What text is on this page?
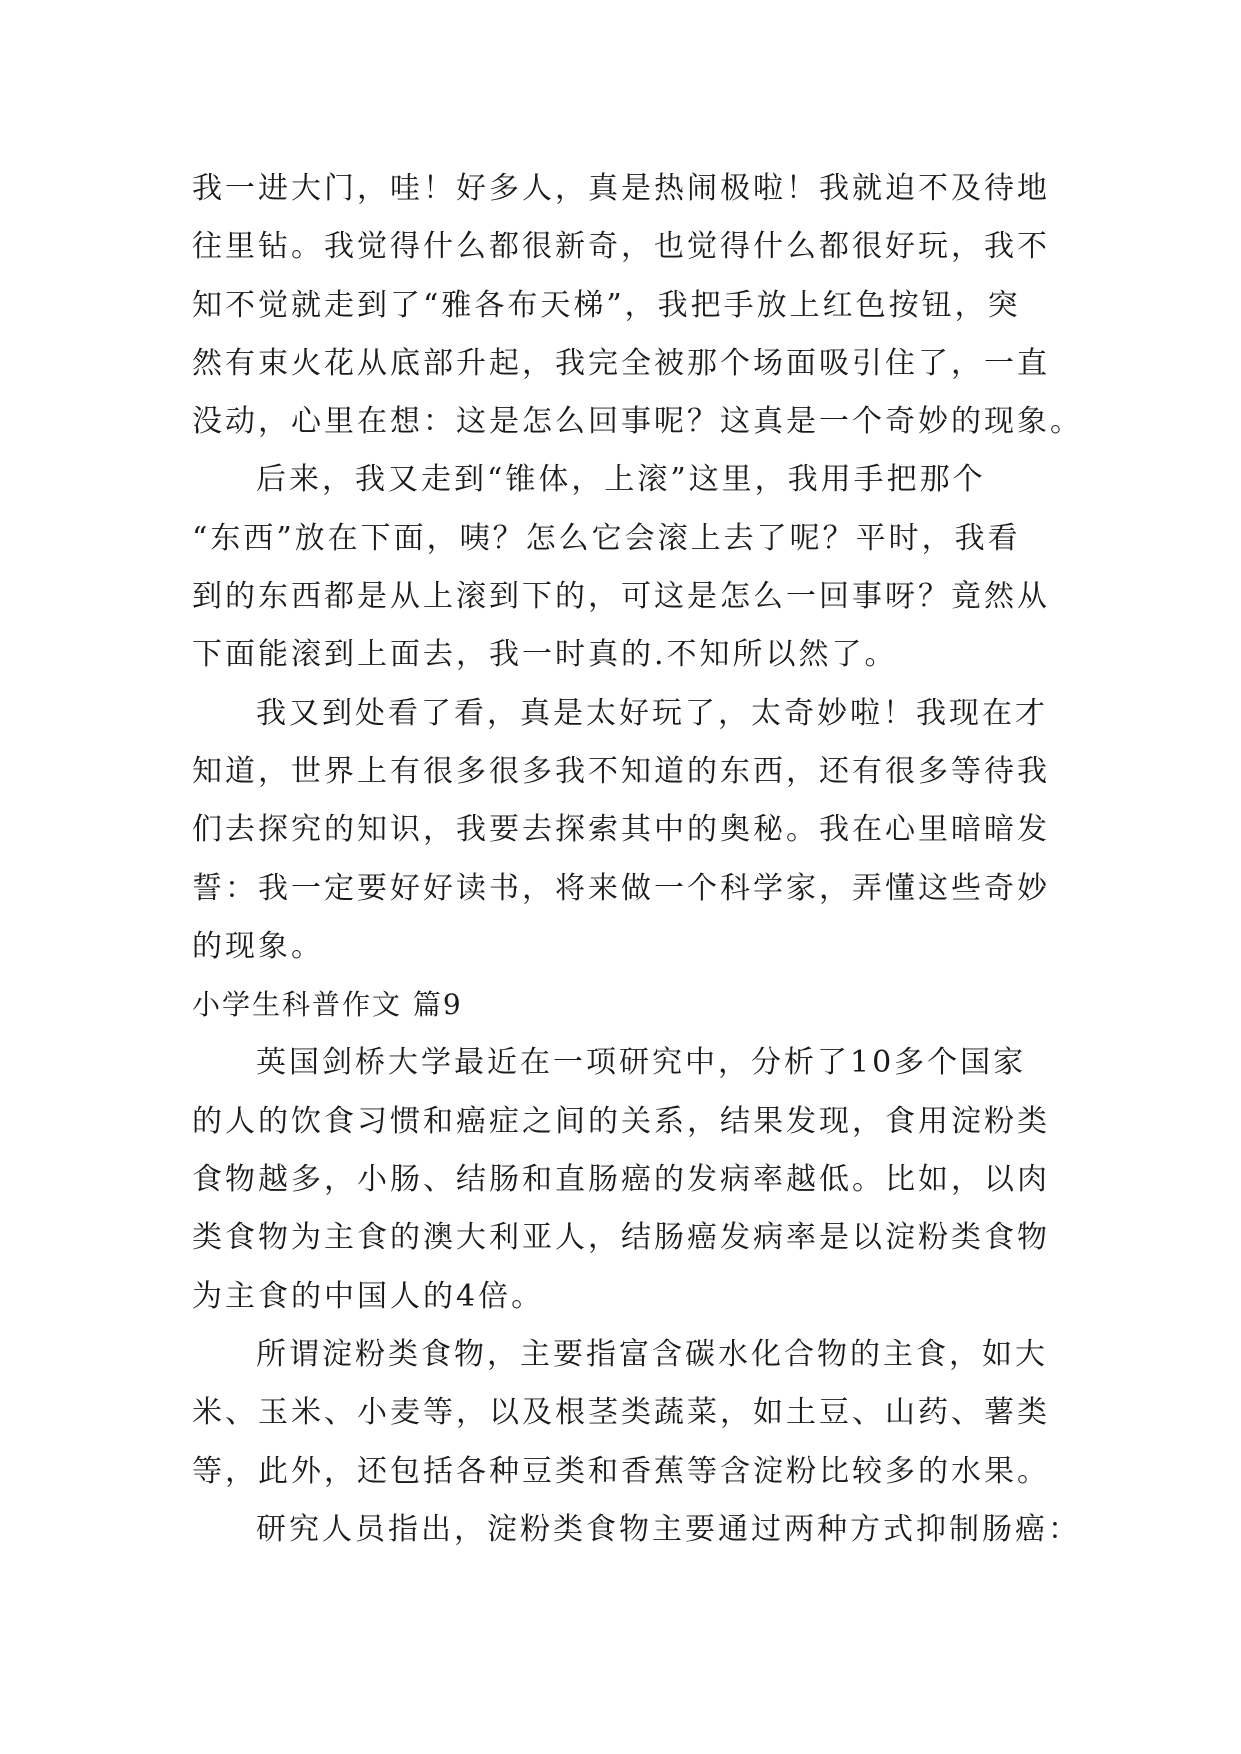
我一进大门，哇！好多人，真是热闹极啦！我就迫不及待地
往里钻。我觉得什么都很新奇，也觉得什么都很好玩，我不
知不觉就走到了“雅各布天梯”，我把手放上红色按钮，突
然有束火花从底部升起，我完全被那个场面吸引住了，一直
没动，心里在想：这是怎么回事呢？这真是一个奇妙的现象。
后来，我又走到“锥体，上滚”这里，我用手把那个
“东西”放在下面，咦？怎么它会滚上去了呢？平时，我看
到的东西都是从上滚到下的，可这是怎么一回事呀？竟然从
下面能滚到上面去，我一时真的.不知所以然了。
我又到处看了看，真是太好玩了，太奇妙啦！我现在才
知道，世界上有很多很多我不知道的东西，还有很多等待我
们去探究的知识，我要去探索其中的奥秘。我在心里暗暗发
誓：我一定要好好读书，将来做一个科学家，弄懂这些奇妙
的现象。
小学生科普作文 篇9
英国剑桥大学最近在一项研究中，分析了10多个国家
的人的饮食习惯和癌症之间的关系，结果发现，食用淀粉类
食物越多，小肠、结肠和直肠癌的发病率越低。比如，以肉
类食物为主食的澳大利亚人，结肠癌发病率是以淀粉类食物
为主食的中国人的4倍。
所谓淀粉类食物，主要指富含碳水化合物的主食，如大
米、玉米、小麦等，以及根茎类蔬菜，如土豆、山药、薯类
等，此外，还包括各种豆类和香蕉等含淀粉比较多的水果。
研究人员指出，淀粉类食物主要通过两种方式抑制肠癌：
